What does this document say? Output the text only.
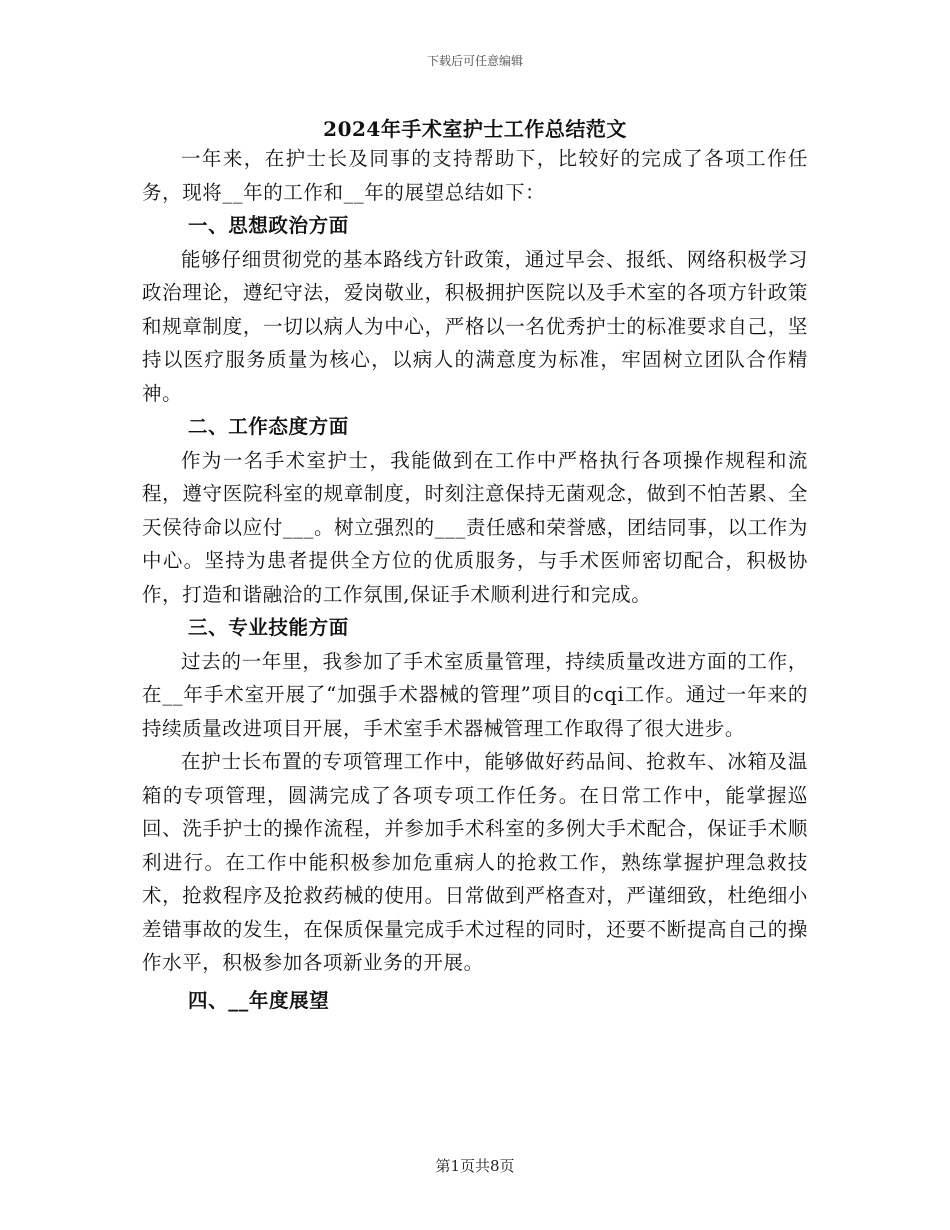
下载后可任意编辑
2024年手术室护士工作总结范文

一年来，在护士长及同事的支持帮助下，比较好的完成了各项工作任务，现将__年的工作和__年的展望总结如下：

一、思想政治方面

能够仔细贯彻党的基本路线方针政策，通过早会、报纸、网络积极学习政治理论，遵纪守法，爱岗敬业，积极拥护医院以及手术室的各项方针政策和规章制度，一切以病人为中心，严格以一名优秀护士的标准要求自己，坚持以医疗服务质量为核心，以病人的满意度为标准，牢固树立团队合作精神。

二、工作态度方面

作为一名手术室护士，我能做到在工作中严格执行各项操作规程和流程，遵守医院科室的规章制度，时刻注意保持无菌观念，做到不怕苦累、全天侯待命以应付___。树立强烈的___责任感和荣誉感，团结同事，以工作为中心。坚持为患者提供全方位的优质服务，与手术医师密切配合，积极协作，打造和谐融洽的工作氛围,保证手术顺利进行和完成。

三、专业技能方面

过去的一年里，我参加了手术室质量管理，持续质量改进方面的工作，在__年手术室开展了“加强手术器械的管理”项目的cqi工作。通过一年来的持续质量改进项目开展，手术室手术器械管理工作取得了很大进步。

在护士长布置的专项管理工作中，能够做好药品间、抢救车、冰箱及温箱的专项管理，圆满完成了各项专项工作任务。在日常工作中，能掌握巡回、洗手护士的操作流程，并参加手术科室的多例大手术配合，保证手术顺利进行。在工作中能积极参加危重病人的抢救工作，熟练掌握护理急救技术，抢救程序及抢救药械的使用。日常做到严格查对，严谨细致，杜绝细小差错事故的发生，在保质保量完成手术过程的同时，还要不断提高自己的操作水平，积极参加各项新业务的开展。

四、__年度展望

第1页共8页
